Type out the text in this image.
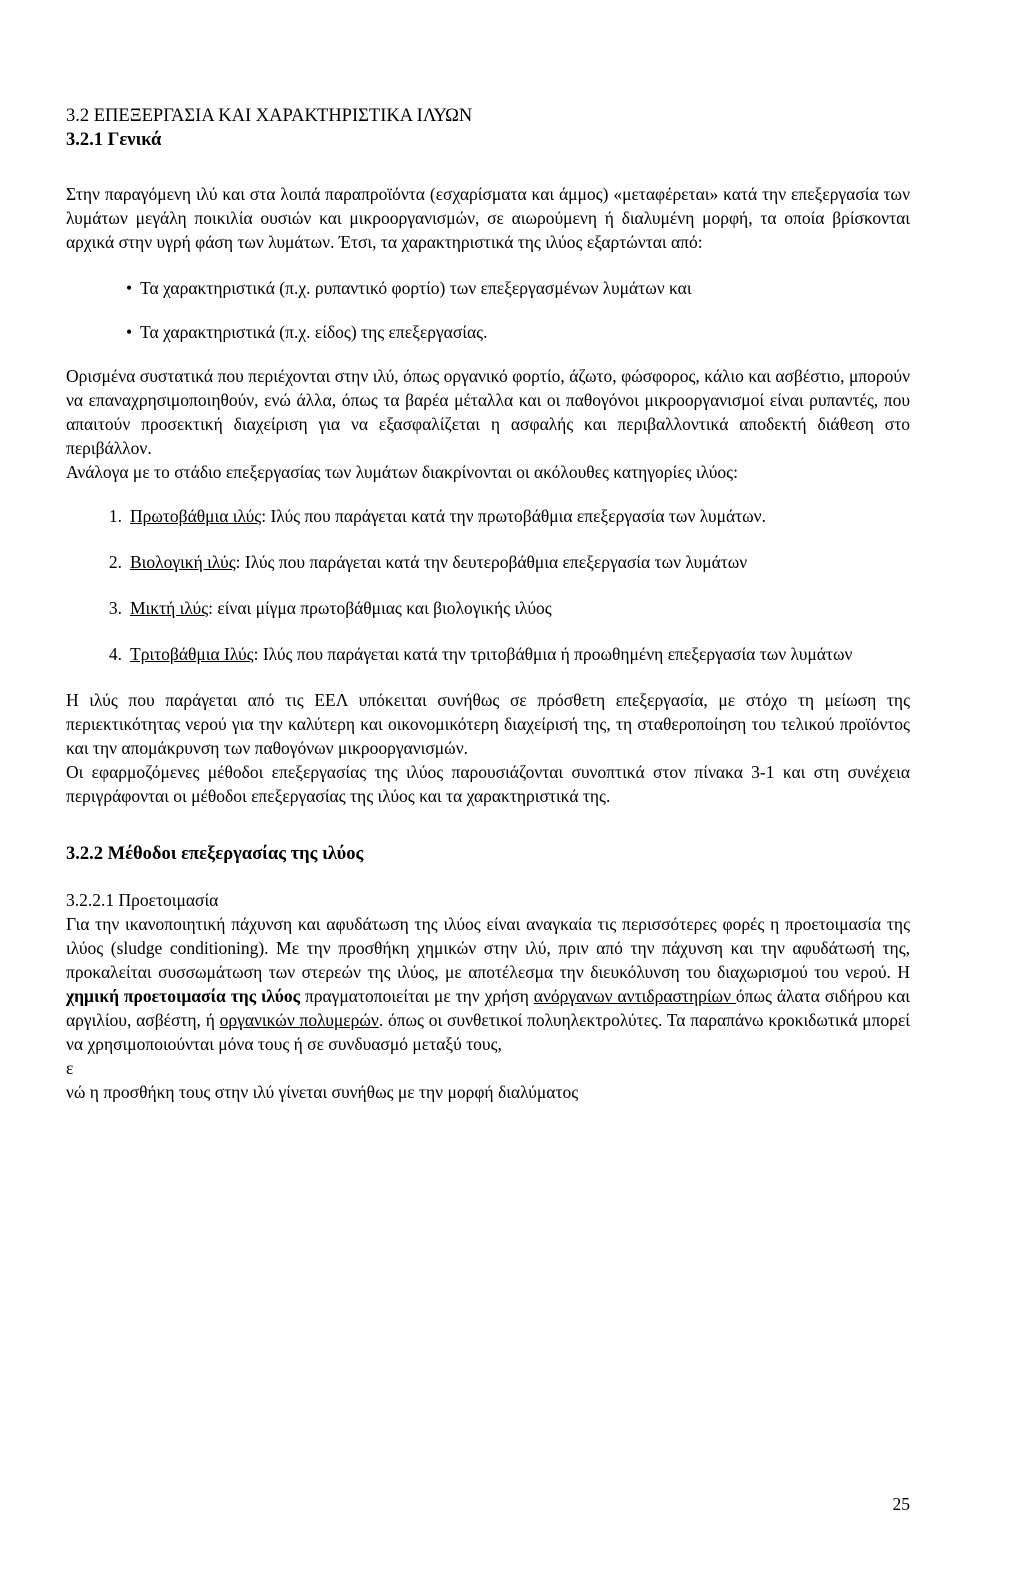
3.2 ΕΠΕΞΕΡΓΑΣΙΑ ΚΑΙ ΧΑΡΑΚΤΗΡΙΣΤΙΚΑ ΙΛΥΩΝ
3.2.1 Γενικά

Στην παραγόμενη ιλύ και στα λοιπά παραπροϊόντα (εσχαρίσματα και άμμος) «μεταφέρεται» κατά την επεξεργασία των λυμάτων μεγάλη ποικιλία ουσιών και μικροοργανισμών, σε αιωρούμενη ή διαλυμένη μορφή, τα οποία βρίσκονται αρχικά στην υγρή φάση των λυμάτων. Έτσι, τα χαρακτηριστικά της ιλύος εξαρτώνται από:

• Τα χαρακτηριστικά (π.χ. ρυπαντικό φορτίο) των επεξεργασμένων λυμάτων και
• Τα χαρακτηριστικά (π.χ. είδος) της επεξεργασίας.

Ορισμένα συστατικά που περιέχονται στην ιλύ, όπως οργανικό φορτίο, άζωτο, φώσφορος, κάλιο και ασβέστιο, μπορούν να επαναχρησιμοποιηθούν, ενώ άλλα, όπως τα βαρέα μέταλλα και οι παθογόνοι μικροοργανισμοί είναι ρυπαντές, που απαιτούν προσεκτική διαχείριση για να εξασφαλίζεται η ασφαλής και περιβαλλοντικά αποδεκτή διάθεση στο περιβάλλον.

Ανάλογα με το στάδιο επεξεργασίας των λυμάτων διακρίνονται οι ακόλουθες κατηγορίες ιλύος:

1. Πρωτοβάθμια ιλύς: Ιλύς που παράγεται κατά την πρωτοβάθμια επεξεργασία των λυμάτων.
2. Βιολογική ιλύς: Ιλύς που παράγεται κατά την δευτεροβάθμια επεξεργασία των λυμάτων
3. Μικτή ιλύς: είναι μίγμα πρωτοβάθμιας και βιολογικής ιλύος
4. Τριτοβάθμια Ιλύς: Ιλύς που παράγεται κατά την τριτοβάθμια ή προωθημένη επεξεργασία των λυμάτων

Η ιλύς που παράγεται από τις ΕΕΛ υπόκειται συνήθως σε πρόσθετη επεξεργασία, με στόχο τη μείωση της περιεκτικότητας νερού για την καλύτερη και οικονομικότερη διαχείρισή της, τη σταθεροποίηση του τελικού προϊόντος και την απομάκρυνση των παθογόνων μικροοργανισμών.

Οι εφαρμοζόμενες μέθοδοι επεξεργασίας της ιλύος παρουσιάζονται συνοπτικά στον πίνακα 3-1 και στη συνέχεια περιγράφονται οι μέθοδοι επεξεργασίας της ιλύος και τα χαρακτηριστικά της.

3.2.2 Μέθοδοι επεξεργασίας της ιλύος
3.2.2.1 Προετοιμασία

Για την ικανοποιητική πάχυνση και αφυδάτωση της ιλύος είναι αναγκαία τις περισσότερες φορές η προετοιμασία της ιλύος (sludge conditioning). Με την προσθήκη χημικών στην ιλύ, πριν από την πάχυνση και την αφυδάτωσή της, προκαλείται συσσωμάτωση των στερεών της ιλύος, με αποτέλεσμα την διευκόλυνση του διαχωρισμού του νερού. Η χημική προετοιμασία της ιλύος πραγματοποιείται με την χρήση ανόργανων αντιδραστηρίων όπως άλατα σιδήρου και αργιλίου, ασβέστη, ή οργανικών πολυμερών. όπως οι συνθετικοί πολυηλεκτρολύτες. Τα παραπάνω κροκιδωτικά μπορεί να χρησιμοποιούνται μόνα τους ή σε συνδυασμό μεταξύ τους,

ε
νώ η προσθήκη τους στην ιλύ γίνεται συνήθως με την μορφή διαλύματος
25
